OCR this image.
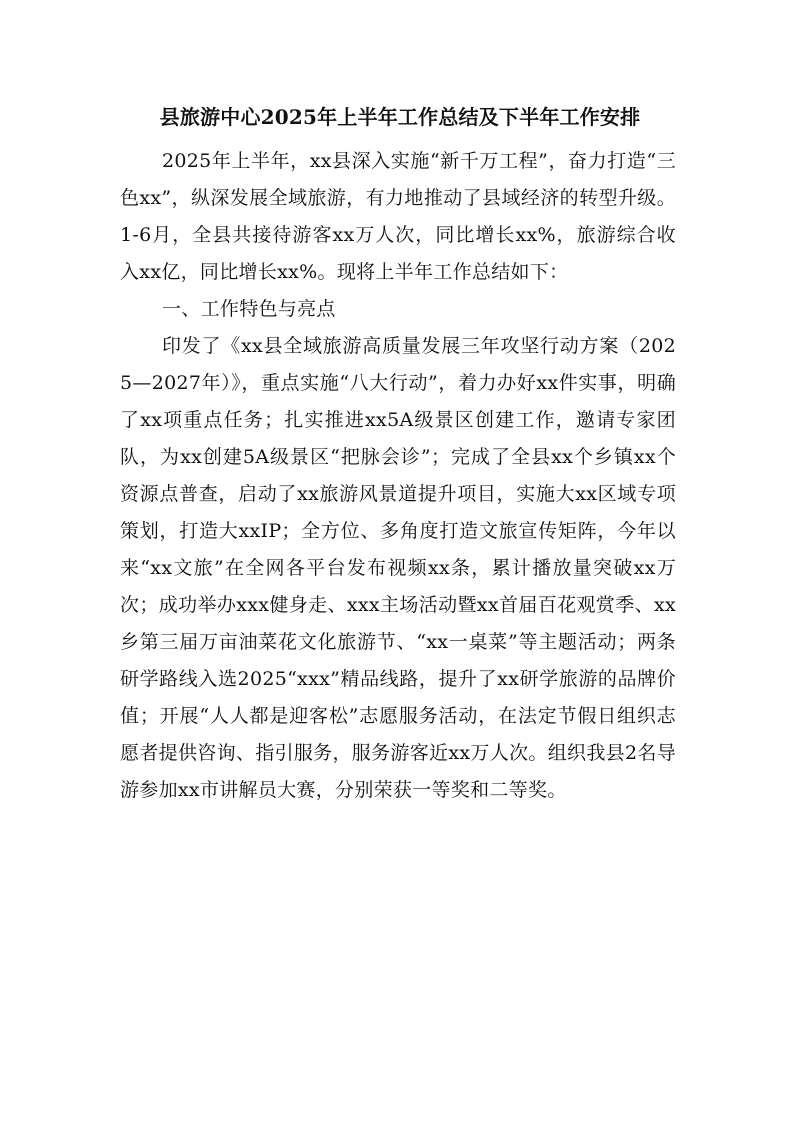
县旅游中心2025年上半年工作总结及下半年工作安排

2025年上半年，xx县深入实施“新千万工程”，奋力打造“三色xx”，纵深发展全域旅游，有力地推动了县域经济的转型升级。1-6月，全县共接待游客xx万人次，同比增长xx%，旅游综合收入xx亿，同比增长xx%。现将上半年工作总结如下：

一、工作特色与亮点

印发了《xx县全域旅游高质量发展三年攻坚行动方案（2025—2027年）》，重点实施“八大行动”，着力办好xx件实事，明确了xx项重点任务；扎实推进xx5A级景区创建工作，邀请专家团队，为xx创建5A级景区“把脉会诊”；完成了全县xx个乡镇xx个资源点普查，启动了xx旅游风景道提升项目，实施大xx区域专项策划，打造大xxIP；全方位、多角度打造文旅宣传矩阵，今年以来“xx文旅”在全网各平台发布视频xx条，累计播放量突破xx万次；成功举办xxx健身走、xxx主场活动暨xx首届百花观赏季、xx乡第三届万亩油菜花文化旅游节、“xx一桌菜”等主题活动；两条研学路线入选2025“xxx”精品线路，提升了xx研学旅游的品牌价值；开展“人人都是迎客松”志愿服务活动，在法定节假日组织志愿者提供咨询、指引服务，服务游客近xx万人次。组织我县2名导游参加xx市讲解员大赛，分别荣获一等奖和二等奖。
